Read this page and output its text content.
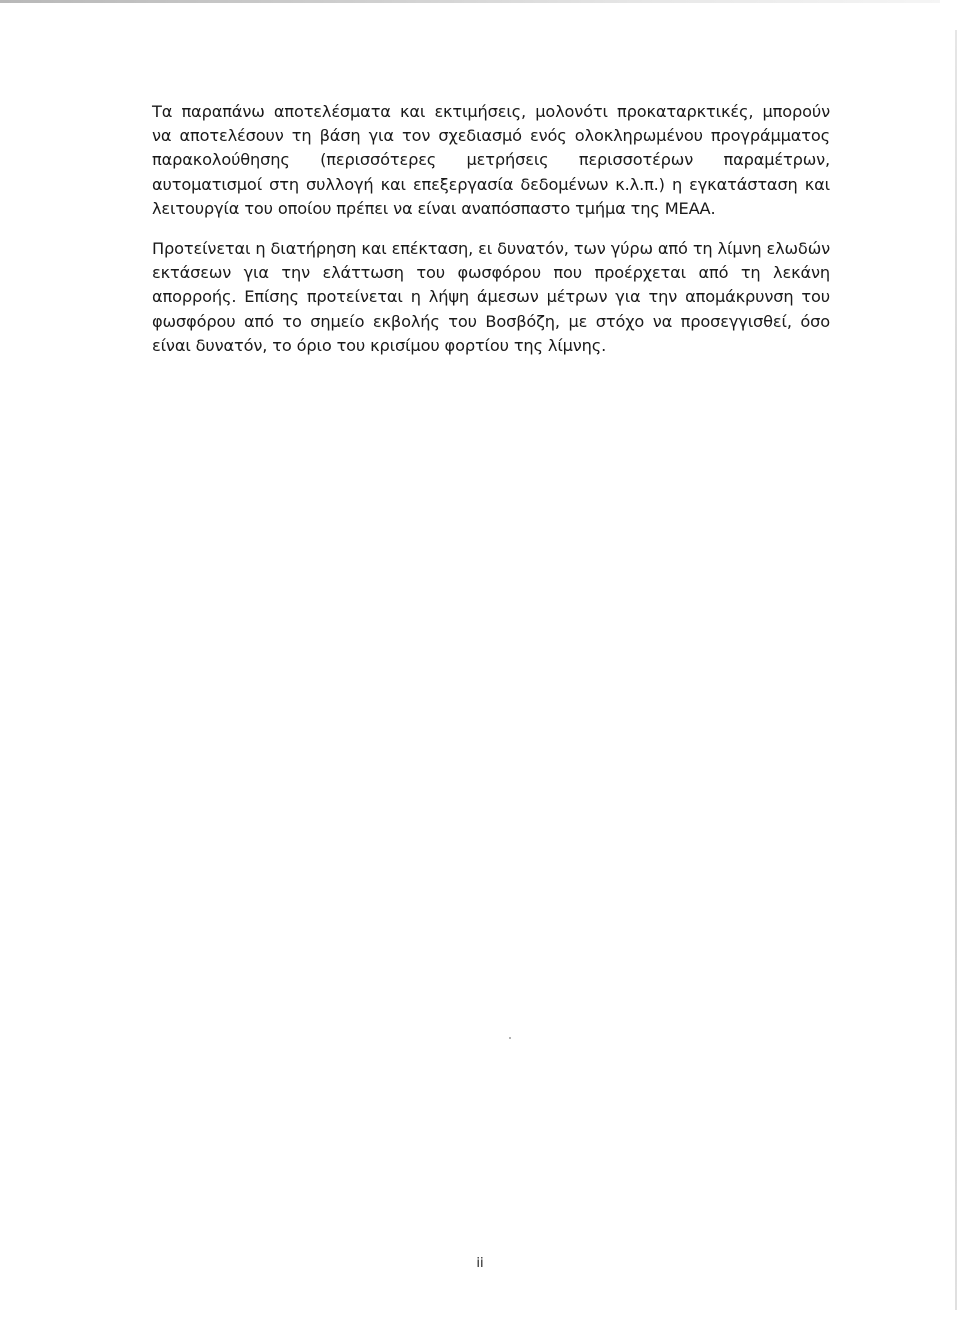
Τα παραπάνω αποτελέσματα και εκτιμήσεις, μολονότι προκαταρκτικές, μπορούν
να αποτελέσουν τη βάση για τον σχεδιασμό ενός ολοκληρωμένου προγράμματος
παρακολούθησης (περισσότερες μετρήσεις περισσοτέρων παραμέτρων,
αυτοματισμοί στη συλλογή και επεξεργασία δεδομένων κ.λ.π.) η εγκατάσταση και
λειτουργία του οποίου πρέπει να είναι αναπόσπαστο τμήμα της ΜΕΑΑ.

Προτείνεται η διατήρηση και επέκταση, ει δυνατόν, των γύρω από τη λίμνη ελωδών
εκτάσεων για την ελάττωση του φωσφόρου που προέρχεται από τη λεκάνη
απορροής. Επίσης προτείνεται η λήψη άμεσων μέτρων για την απομάκρυνση του
φωσφόρου από το σημείο εκβολής του Βοσβόζη, με στόχο να προσεγγισθεί, όσο
είναι δυνατόν, το όριο του κρισίμου φορτίου της λίμνης.

ii
